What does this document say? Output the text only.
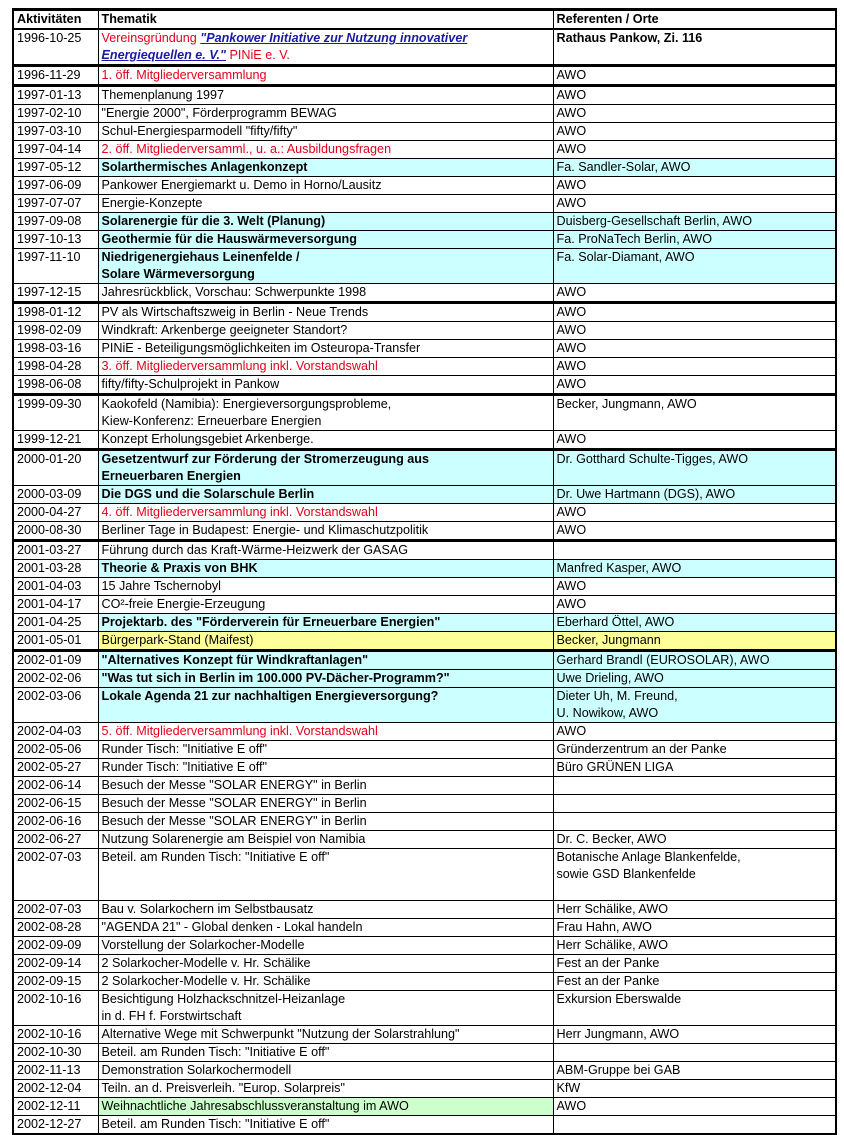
Aktivitäten	Thematik	Referenten / Orte
1996-10-25	Vereinsgründung "Pankower Initiative zur Nutzung innovativer
Energiequellen e. V." PINiE e. V.	Rathaus Pankow, Zi. 116

1996-11-29	1. öff. Mitgliederversammlung	AWO

1997-01-13	Themenplanung 1997	AWO

1997-02-10	"Energie 2000", Förderprogramm BEWAG	AWO

1997-03-10	Schul-Energiesparmodell "fifty/fifty"	AWO

1997-04-14	2. öff. Mitgliederversamml., u. a.: Ausbildungsfragen	AWO

1997-05-12	Solarthermisches Anlagenkonzept	Fa. Sandler-Solar, AWO

1997-06-09	Pankower Energiemarkt u. Demo in Horno/Lausitz	AWO

1997-07-07	Energie-Konzepte	AWO

1997-09-08	Solarenergie für die 3. Welt (Planung)	Duisberg-Gesellschaft Berlin, AWO

1997-10-13	Geothermie für die Hauswärmeversorgung	Fa. ProNaTech Berlin, AWO

1997-11-10	Niedrigenergiehaus Leinenfelde /
Solare Wärmeversorgung	Fa. Solar-Diamant, AWO

1997-12-15	Jahresrückblick, Vorschau: Schwerpunkte 1998	AWO

1998-01-12	PV als Wirtschaftszweig in Berlin - Neue Trends	AWO

1998-02-09	Windkraft: Arkenberge geeigneter Standort?	AWO

1998-03-16	PINiE - Beteiligungsmöglichkeiten im Osteuropa-Transfer	AWO

1998-04-28	3. öff. Mitgliederversammlung inkl. Vorstandswahl	AWO

1998-06-08	fifty/fifty-Schulprojekt in Pankow	AWO

1999-09-30	Kaokofeld (Namibia): Energieversorgungsprobleme,
Kiew-Konferenz: Erneuerbare Energien	Becker, Jungmann, AWO

1999-12-21	Konzept Erholungsgebiet Arkenberge.	AWO

2000-01-20	Gesetzentwurf zur Förderung der Stromerzeugung aus
Erneuerbaren Energien	Dr. Gotthard Schulte-Tigges, AWO

2000-03-09	Die DGS und die Solarschule Berlin	Dr. Uwe Hartmann (DGS), AWO

2000-04-27	4. öff. Mitgliederversammlung inkl. Vorstandswahl	AWO

2000-08-30	Berliner Tage in Budapest: Energie- und Klimaschutzpolitik	AWO

2001-03-27	Führung durch das Kraft-Wärme-Heizwerk der GASAG	

2001-03-28	Theorie & Praxis von BHK	Manfred Kasper, AWO

2001-04-03	15 Jahre Tschernobyl	AWO

2001-04-17	CO²-freie Energie-Erzeugung	AWO

2001-04-25	Projektarb. des "Förderverein für Erneuerbare Energien"	Eberhard Öttel, AWO

2001-05-01	Bürgerpark-Stand (Maifest)	Becker, Jungmann

2002-01-09	"Alternatives Konzept für Windkraftanlagen"	Gerhard Brandl (EUROSOLAR), AWO

2002-02-06	"Was tut sich in Berlin im 100.000 PV-Dächer-Programm?"	Uwe Drieling, AWO

2002-03-06	Lokale Agenda 21 zur nachhaltigen Energieversorgung?	Dieter Uh, M. Freund,
U. Nowikow, AWO

2002-04-03	5. öff. Mitgliederversammlung inkl. Vorstandswahl	AWO

2002-05-06	Runder Tisch: "Initiative E off"	Gründerzentrum an der Panke

2002-05-27	Runder Tisch: "Initiative E off"	Büro GRÜNEN LIGA

2002-06-14	Besuch der Messe "SOLAR ENERGY" in Berlin	

2002-06-15	Besuch der Messe "SOLAR ENERGY" in Berlin	

2002-06-16	Besuch der Messe "SOLAR ENERGY" in Berlin	

2002-06-27	Nutzung Solarenergie am Beispiel von Namibia	Dr. C. Becker, AWO

2002-07-03	Beteil. am Runden Tisch: "Initiative E off"	Botanische Anlage Blankenfelde,
sowie GSD Blankenfelde

2002-07-03	Bau v. Solarkochern im Selbstbausatz	Herr Schälike, AWO

2002-08-28	"AGENDA 21" - Global denken - Lokal handeln	Frau Hahn, AWO

2002-09-09	Vorstellung der Solarkocher-Modelle	Herr Schälike, AWO

2002-09-14	2 Solarkocher-Modelle v. Hr. Schälike	Fest an der Panke

2002-09-15	2 Solarkocher-Modelle v. Hr. Schälike	Fest an der Panke

2002-10-16	Besichtigung Holzhackschnitzel-Heizanlage
in d. FH f. Forstwirtschaft	Exkursion Eberswalde

2002-10-16	Alternative Wege mit Schwerpunkt "Nutzung der Solarstrahlung"	Herr Jungmann, AWO

2002-10-30	Beteil. am Runden Tisch: "Initiative E off"	

2002-11-13	Demonstration Solarkochermodell	ABM-Gruppe bei GAB

2002-12-04	Teiln. an d. Preisverleih. "Europ. Solarpreis"	KfW

2002-12-11	Weihnachtliche Jahresabschlussveranstaltung im AWO	AWO

2002-12-27	Beteil. am Runden Tisch: "Initiative E off"	
